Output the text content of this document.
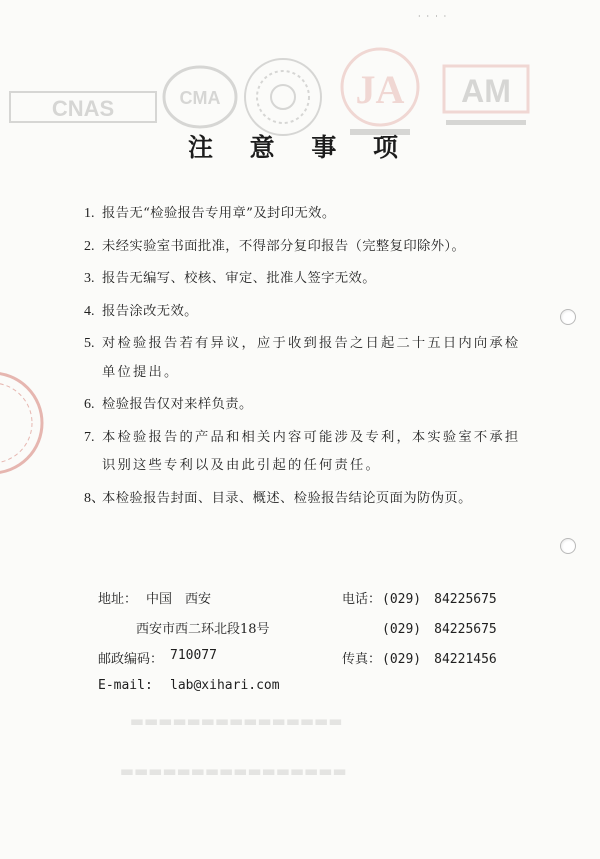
····
CNAS	CMA	JA AM
注 意 事 项
1. 报告无“检验报告专用章”及封印无效。
2. 未经实验室书面批准，不得部分复印报告（完整复印除外）。
3. 报告无编写、校核、审定、批准人签字无效。
4. 报告涂改无效。
5. 对检验报告若有异议，应于收到报告之日起二十五日内向承检单位提出。
6. 检验报告仅对来样负责。
7. 本检验报告的产品和相关内容可能涉及专利，本实验室不承担识别这些专利以及由此引起的任何责任。
8、
本检验报告封面、目录、概述、检验报告结论页面为防伪页。
地址： 中国　西安	电话： (029)　84225675
西安市西二环北段18号	(029)　84225675
邮政编码： 710077	传真： (029)　84221456
E-mail: lab@xihari.com
▬▬▬▬▬▬▬▬▬▬▬▬▬▬▬
▬▬▬▬▬▬▬▬▬▬▬▬▬▬▬▬
